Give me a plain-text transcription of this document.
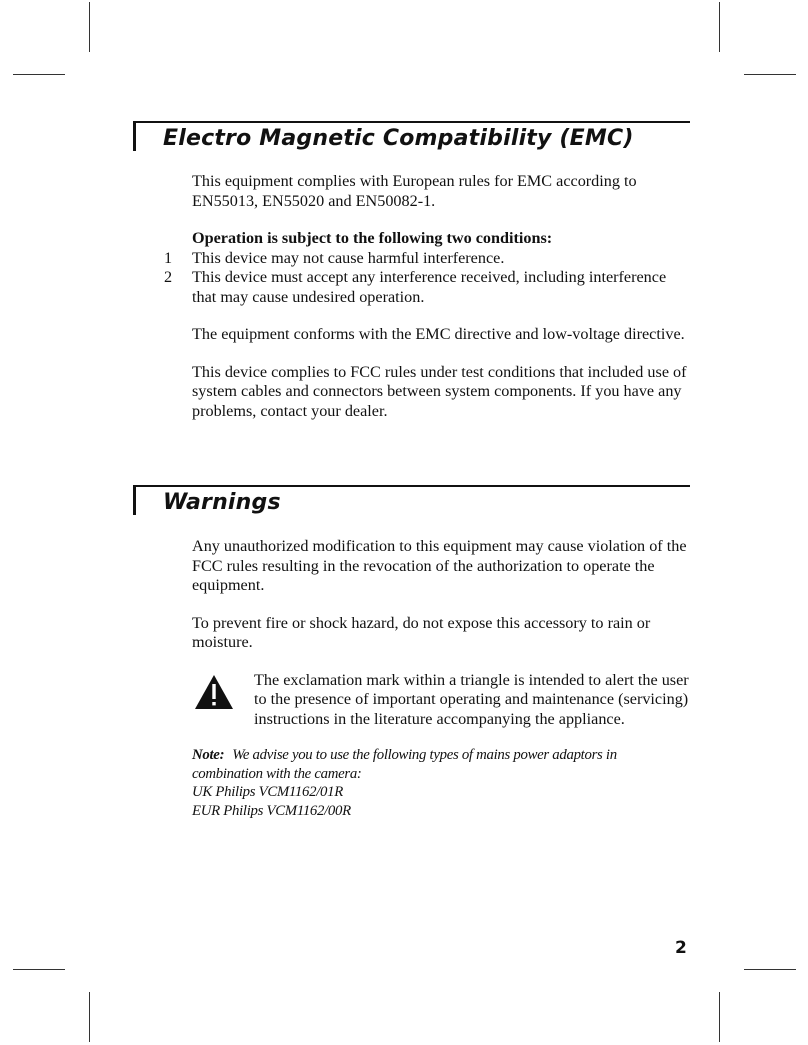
Electro Magnetic Compatibility (EMC)

This equipment complies with European rules for EMC according to EN55013, EN55020 and EN50082-1.

Operation is subject to the following two conditions:

1 This device may not cause harmful interference.
2 This device must accept any interference received, including interference that may cause undesired operation.

The equipment conforms with the EMC directive and low-voltage directive.

This device complies to FCC rules under test conditions that included use of system cables and connectors between system components. If you have any problems, contact your dealer.

Warnings

Any unauthorized modification to this equipment may cause violation of the FCC rules resulting in the revocation of the authorization to operate the equipment.

To prevent fire or shock hazard, do not expose this accessory to rain or moisture.

The exclamation mark within a triangle is intended to alert the user to the presence of important operating and maintenance (servicing) instructions in the literature accompanying the appliance.
Note: We advise you to use the following types of mains power adaptors in combination with the camera:
UK Philips VCM1162/01R
EUR Philips VCM1162/00R
2
